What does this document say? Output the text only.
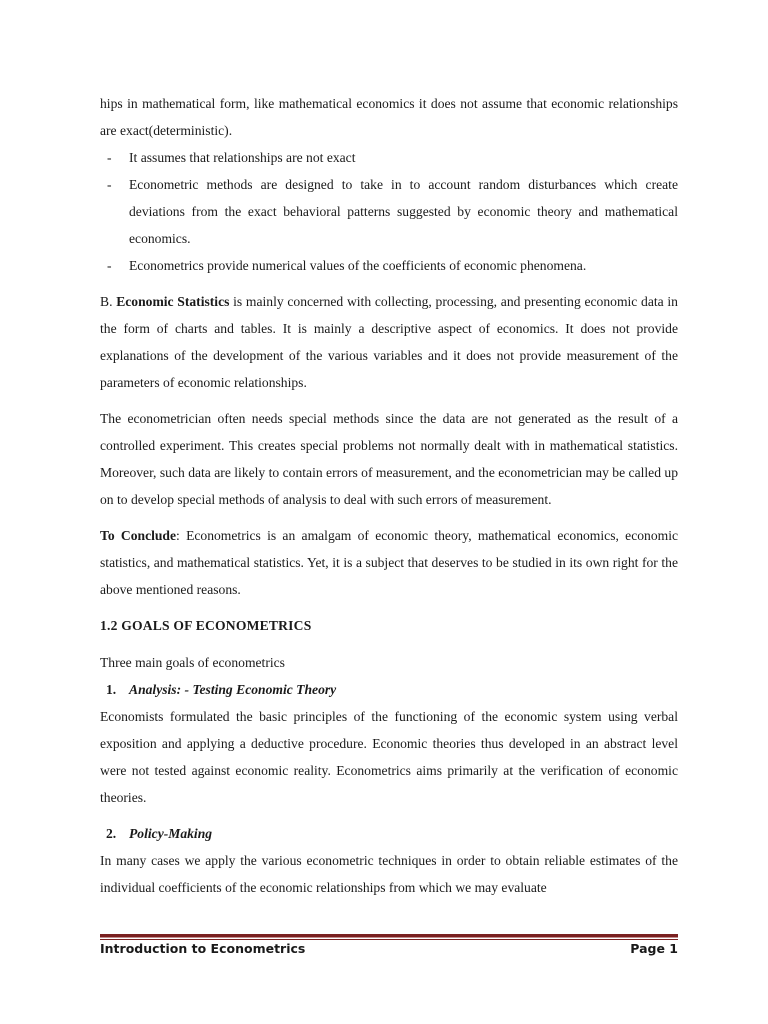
hips in mathematical form, like mathematical economics it does not assume that economic relationships are exact(deterministic).

- It assumes that relationships are not exact
- Econometric methods are designed to take in to account random disturbances which create deviations from the exact behavioral patterns suggested by economic theory and mathematical economics.
- Econometrics provide numerical values of the coefficients of economic phenomena.

B. Economic Statistics is mainly concerned with collecting, processing, and presenting economic data in the form of charts and tables. It is mainly a descriptive aspect of economics. It does not provide explanations of the development of the various variables and it does not provide measurement of the parameters of economic relationships.

The econometrician often needs special methods since the data are not generated as the result of a controlled experiment. This creates special problems not normally dealt with in mathematical statistics. Moreover, such data are likely to contain errors of measurement, and the econometrician may be called up on to develop special methods of analysis to deal with such errors of measurement.

To Conclude: Econometrics is an amalgam of economic theory, mathematical economics, economic statistics, and mathematical statistics. Yet, it is a subject that deserves to be studied in its own right for the above mentioned reasons.

1.2 GOALS OF ECONOMETRICS

Three main goals of econometrics

1. Analysis: - Testing Economic Theory

Economists formulated the basic principles of the functioning of the economic system using verbal exposition and applying a deductive procedure. Economic theories thus developed in an abstract level were not tested against economic reality. Econometrics aims primarily at the verification of economic theories.

2. Policy-Making

In many cases we apply the various econometric techniques in order to obtain reliable estimates of the individual coefficients of the economic relationships from which we may evaluate

Introduction to Econometrics	Page 1
